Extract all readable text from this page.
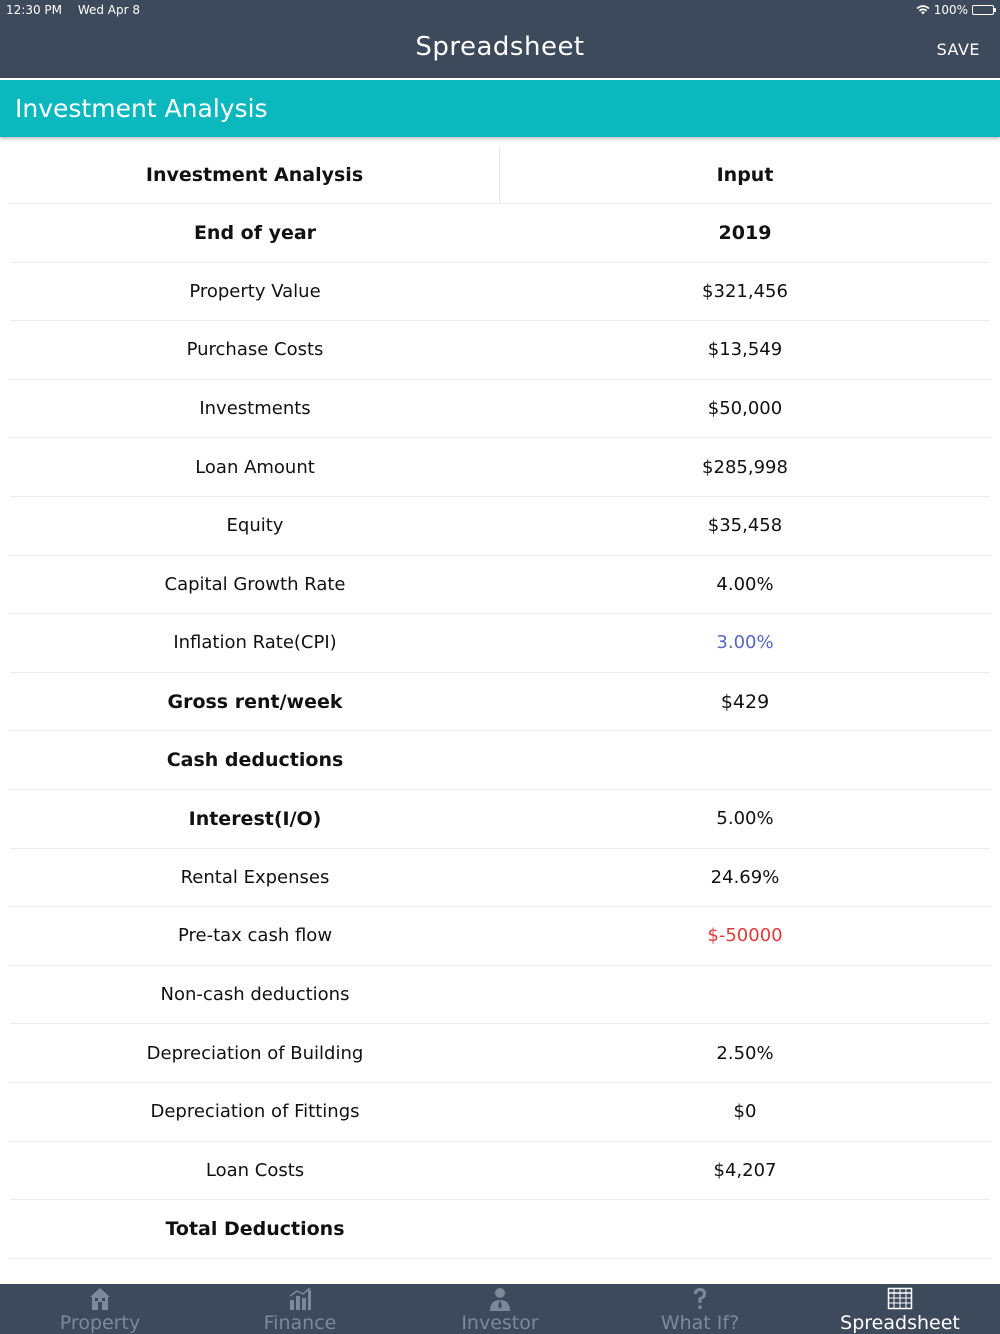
12:30 PM Wed Apr 8	100%
Spreadsheet	SAVE
Investment Analysis
Investment Analysis	Input
End of year	2019
Property Value	$321,456
Purchase Costs	$13,549
Investments	$50,000
Loan Amount	$285,998
Equity	$35,458
Capital Growth Rate	4.00%
Inflation Rate(CPI)	3.00%
Gross rent/week	$429
Cash deductions
Interest(I/O)	5.00%
Rental Expenses	24.69%
Pre-tax cash flow	$-50000
Non-cash deductions
Depreciation of Building	2.50%
Depreciation of Fittings	$0
Loan Costs	$4,207
Total Deductions
Property	Finance	Investor	What If?	Spreadsheet
